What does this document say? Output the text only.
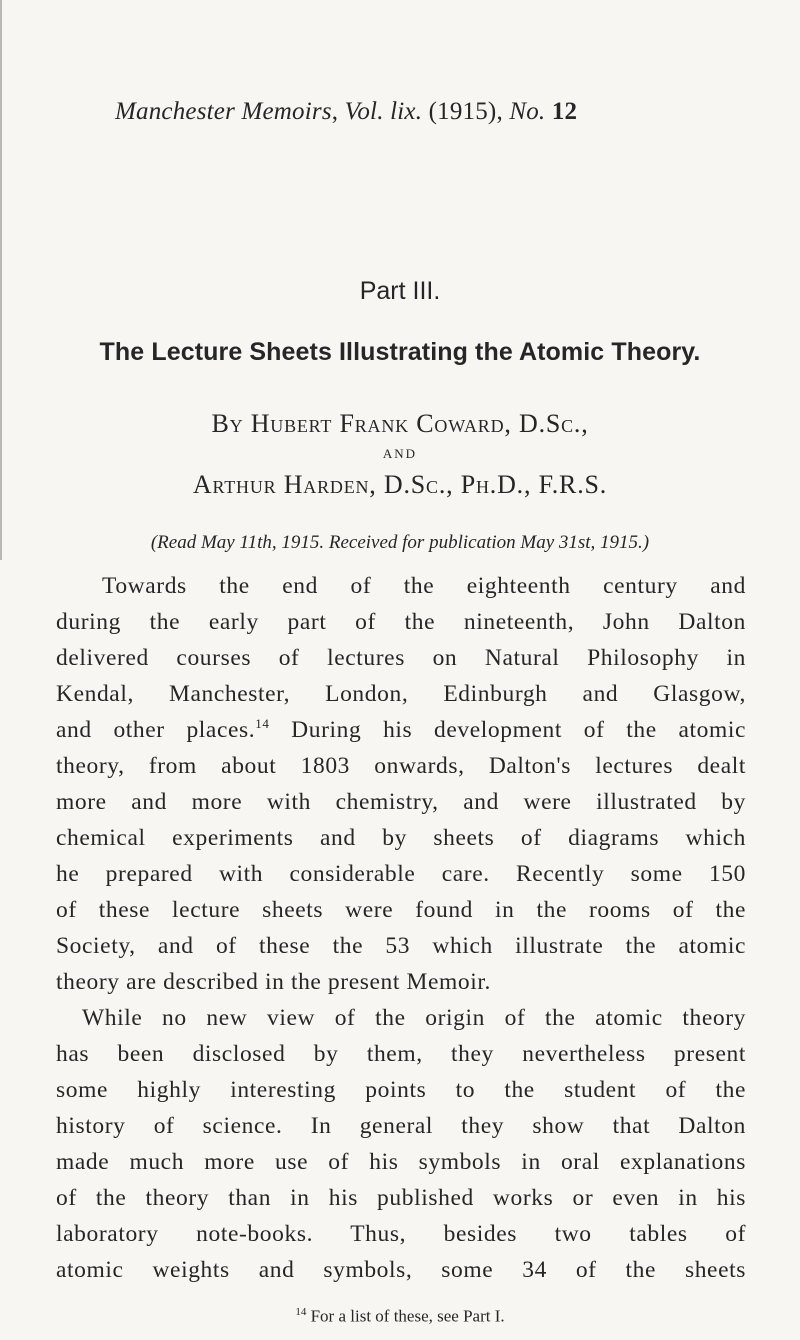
Manchester Memoirs, Vol. lix. (1915), No. 12
Part III.
The Lecture Sheets Illustrating the Atomic Theory.
By Hubert Frank Coward, D.Sc.,
AND
Arthur Harden, D.Sc., Ph.D., F.R.S.
(Read May 11th, 1915. Received for publication May 31st, 1915.)
Towards the end of the eighteenth century and
during the early part of the nineteenth, John Dalton
delivered courses of lectures on Natural Philosophy in
Kendal, Manchester, London, Edinburgh and Glasgow,
and other places.$^{14}$ During his development of the atomic
theory, from about 1803 onwards, Dalton's lectures dealt
more and more with chemistry, and were illustrated by
chemical experiments and by sheets of diagrams which
he prepared with considerable care. Recently some 150
of these lecture sheets were found in the rooms of the
Society, and of these the 53 which illustrate the atomic
theory are described in the present Memoir.
While no new view of the origin of the atomic theory
has been disclosed by them, they nevertheless present
some highly interesting points to the student of the
history of science. In general they show that Dalton
made much more use of his symbols in oral explanations
of the theory than in his published works or even in his
laboratory note-books. Thus, besides two tables of
atomic weights and symbols, some 34 of the sheets
$^{14}$ For a list of these, see Part I.
